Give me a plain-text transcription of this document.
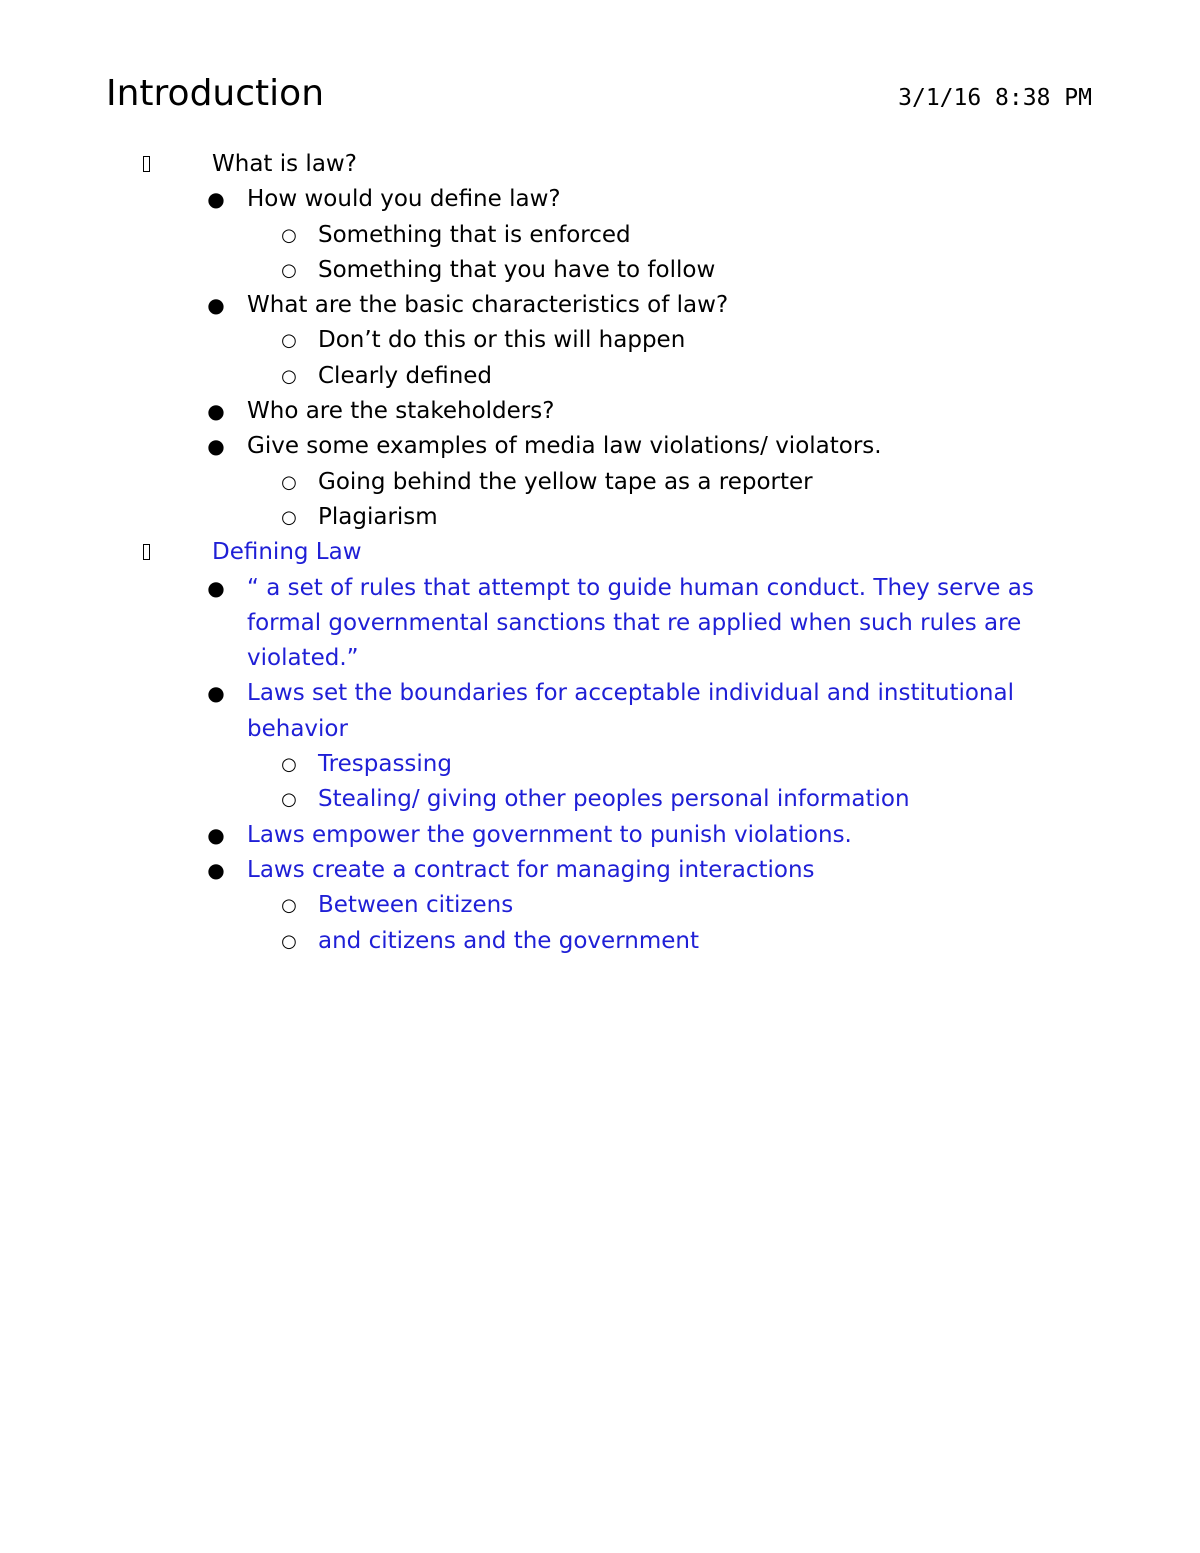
Introduction	3/1/16 8:38 PM
What is law?
● How would you define law?
○ Something that is enforced
○ Something that you have to follow
● What are the basic characteristics of law?
○ Don’t do this or this will happen
○ Clearly defined
● Who are the stakeholders?
● Give some examples of media law violations/ violators.
○ Going behind the yellow tape as a reporter
○ Plagiarism
Defining Law
● “ a set of rules that attempt to guide human conduct. They serve as formal governmental sanctions that re applied when such rules are violated.”
● Laws set the boundaries for acceptable individual and institutional behavior
○ Trespassing
○ Stealing/ giving other peoples personal information
● Laws empower the government to punish violations.
● Laws create a contract for managing interactions
○ Between citizens
○ and citizens and the government
